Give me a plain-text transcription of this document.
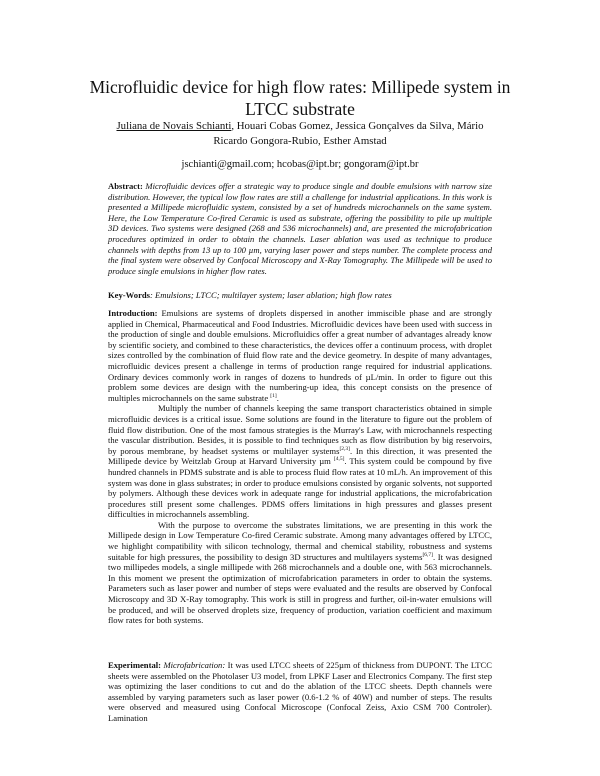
Microfluidic device for high flow rates: Millipede system in LTCC substrate
Juliana de Novais Schianti, Houari Cobas Gomez, Jessica Gonçalves da Silva, Mário Ricardo Gongora-Rubio, Esther Amstad
jschianti@gmail.com; hcobas@ipt.br; gongoram@ipt.br

Abstract: Microfluidic devices offer a strategic way to produce single and double emulsions with narrow size distribution. However, the typical low flow rates are still a challenge for industrial applications. In this work is presented a Millipede microfluidic system, consisted by a set of hundreds microchannels on the same system. Here, the Low Temperature Co-fired Ceramic is used as substrate, offering the possibility to pile up multiple 3D devices. Two systems were designed (268 and 536 microchannels) and, are presented the microfabrication procedures optimized in order to obtain the channels. Laser ablation was used as technique to produce channels with depths from 13 up to 100 µm, varying laser power and steps number. The complete process and the final system were observed by Confocal Microscopy and X-Ray Tomography. The Millipede will be used to produce single emulsions in higher flow rates.

Key-Words: Emulsions; LTCC; multilayer system; laser ablation; high flow rates

Introduction: Emulsions are systems of droplets dispersed in another immiscible phase and are strongly applied in Chemical, Pharmaceutical and Food Industries. Microfluidic devices have been used with success in the production of single and double emulsions. Microfluidics offer a great number of advantages already know by scientific society, and combined to these characteristics, the devices offer a continuum process, with droplet sizes controlled by the combination of fluid flow rate and the device geometry. In despite of many advantages, microfluidic devices present a challenge in terms of production range required for industrial applications. Ordinary devices commonly work in ranges of dozens to hundreds of µL/min. In order to figure out this problem some devices are design with the numbering-up idea, this concept consists on the presence of multiples microchannels on the same substrate [1].

Multiply the number of channels keeping the same transport characteristics obtained in simple microfluidic devices is a critical issue. Some solutions are found in the literature to figure out the problem of fluid flow distribution. One of the most famous strategies is the Murray's Law, with microchannels respecting the vascular distribution. Besides, it is possible to find techniques such as flow distribution by big reservoirs, by porous membrane, by headset systems or multilayer systems[2,3]. In this direction, it was presented the Millipede device by Weitzlab Group at Harvard University µm [4,5]. This system could be compound by five hundred channels in PDMS substrate and is able to process fluid flow rates at 10 mL/h. An improvement of this system was done in glass substrates; in order to produce emulsions consisted by organic solvents, not supported by polymers. Although these devices work in adequate range for industrial applications, the microfabrication procedures still present some challenges. PDMS offers limitations in high pressures and glasses present difficulties in microchannels assembling.

With the purpose to overcome the substrates limitations, we are presenting in this work the Millipede design in Low Temperature Co-fired Ceramic substrate. Among many advantages offered by LTCC, we highlight compatibility with silicon technology, thermal and chemical stability, robustness and systems suitable for high pressures, the possibility to design 3D structures and multilayers systems[6,7]. It was designed two millipedes models, a single millipede with 268 microchannels and a double one, with 563 microchannels. In this moment we present the optimization of microfabrication parameters in order to obtain the systems. Parameters such as laser power and number of steps were evaluated and the results are observed by Confocal Microscopy and 3D X-Ray tomography. This work is still in progress and further, oil-in-water emulsions will be produced, and will be observed droplets size, frequency of production, variation coefficient and maximum flow rates for both systems.

Experimental: Microfabrication: It was used LTCC sheets of 225µm of thickness from DUPONT. The LTCC sheets were assembled on the Photolaser U3 model, from LPKF Laser and Electronics Company. The first step was optimizing the laser conditions to cut and do the ablation of the LTCC sheets. Depth channels were assembled by varying parameters such as laser power (0.6-1.2 % of 40W) and number of steps. The results were observed and measured using Confocal Microscope (Confocal Zeiss, Axio CSM 700 Controler). Lamination
